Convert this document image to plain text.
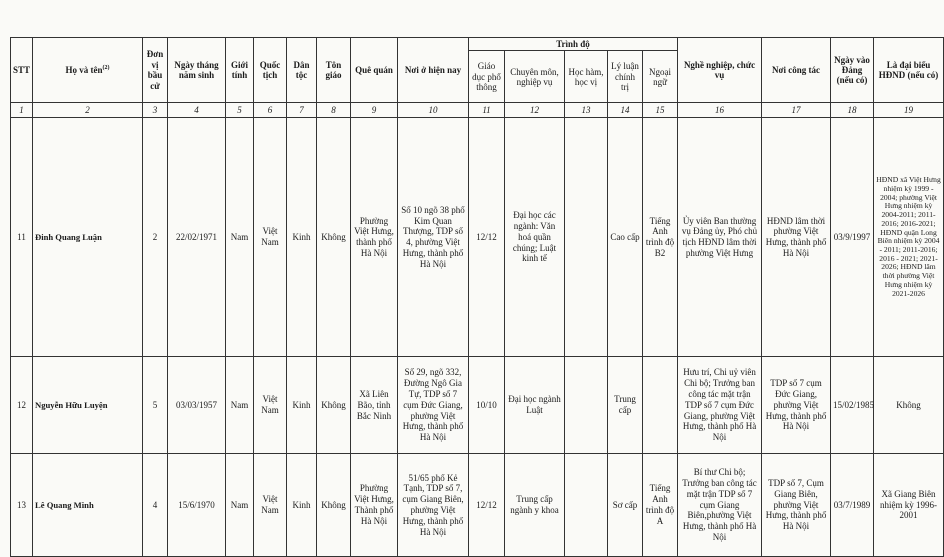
STT	Họ và tên$^{(2)}$	Đơn vị bầu cử	Ngày tháng năm sinh	Giới tính	Quốc tịch	Dân tộc	Tôn giáo	Quê quán	Nơi ở hiện nay	Trình độ					Nghề nghiệp, chức vụ	Nơi công tác	Ngày vào Đảng (nếu có)	Là đại biểu HĐND (nếu có)
										Giáo dục phổ thông	Chuyên môn, nghiệp vụ	Học hàm, học vị	Lý luận chính trị	Ngoại ngữ				
1	2	3	4	5	6	7	8	9	10	11	12	13	14	15	16	17	18	19
11	Đinh Quang Luận	2	22/02/1971	Nam	Việt Nam	Kinh	Không	Phường Việt Hưng, thành phố Hà Nội	Số 10 ngõ 38 phố Kim Quan Thượng, TDP số 4, phường Việt Hưng, thành phố Hà Nội	12/12	Đại học các ngành: Văn hoá quần chúng; Luật kinh tế		Cao cấp	Tiếng Anh trình độ B2	Ủy viên Ban thường vụ Đảng ủy, Phó chủ tịch HĐND lâm thời phường Việt Hưng	HĐND lâm thời phường Việt Hưng, thành phố Hà Nội	03/9/1997	HĐND xã Việt Hưng nhiệm kỳ 1999 - 2004; phường Việt Hưng nhiệm kỳ 2004-2011; 2011-2016; 2016-2021; HĐND quận Long Biên nhiệm kỳ 2004 - 2011; 2011-2016; 2016 - 2021; 2021-2026; HĐND lâm thời phường Việt Hưng nhiệm kỳ 2021-2026
12	Nguyễn Hữu Luyện	5	03/03/1957	Nam	Việt Nam	Kinh	Không	Xã Liên Bão, tỉnh Bắc Ninh	Số 29, ngõ 332, Đường Ngô Gia Tự, TDP số 7 cụm Đức Giang, phường Việt Hưng, thành phố Hà Nội	10/10	Đại học ngành Luật		Trung cấp		Hưu trí, Chi uỷ viên Chi bộ; Trưởng ban công tác mặt trận TDP số 7 cụm Đức Giang, phường Việt Hưng, thành phố Hà Nội	TDP số 7 cụm Đức Giang, phường Việt Hưng, thành phố Hà Nội	15/02/1985	Không
13	Lê Quang Minh	4	15/6/1970	Nam	Việt Nam	Kinh	Không	Phường Việt Hưng, Thành phố Hà Nội	51/65 phố Kẻ Tạnh, TDP số 7, cụm Giang Biên, phường Việt Hưng, thành phố Hà Nội	12/12	Trung cấp ngành y khoa		Sơ cấp	Tiếng Anh trình độ A	Bí thư Chi bộ; Trưởng ban công tác mặt trận TDP số 7 cụm Giang Biên,phường Việt Hưng, thành phố Hà Nội	TDP số 7, Cụm Giang Biên, phường Việt Hưng, thành phố Hà Nội	03/7/1989	Xã Giang Biên nhiệm kỳ 1996-2001
